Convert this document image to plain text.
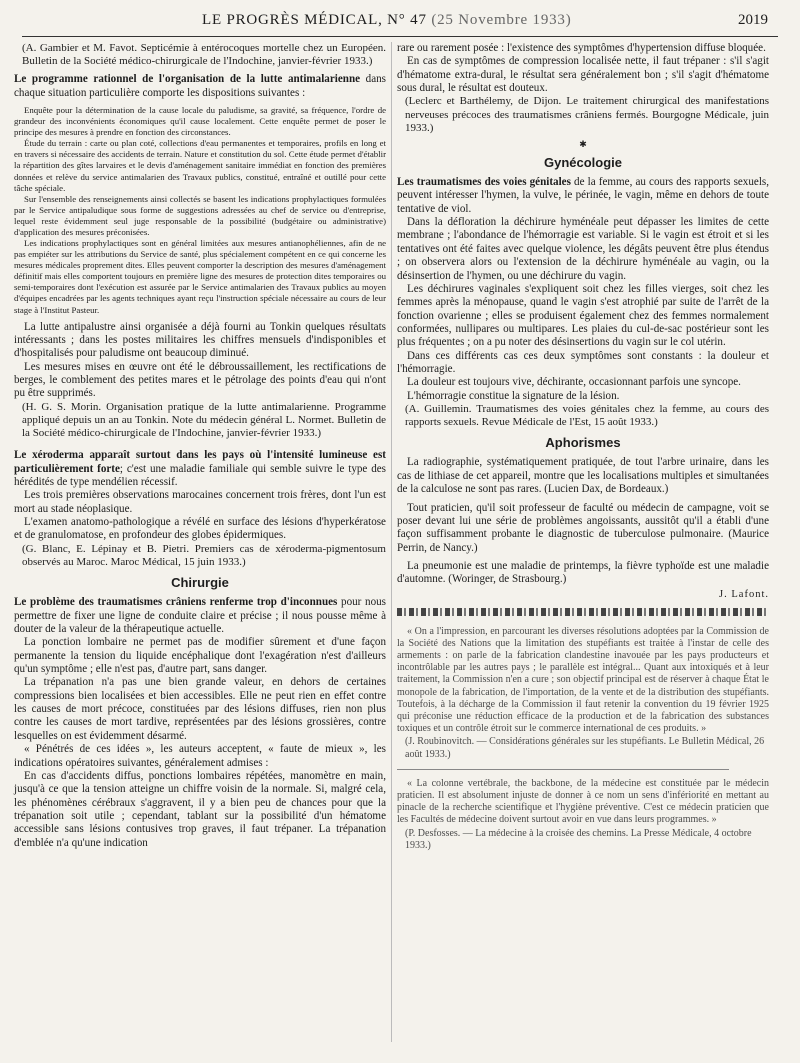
LE PROGRÈS MÉDICAL, N° 47 (25 Novembre 1933)	2019

(A. Gambier et M. Favot. Septicémie à entérocoques mortelle chez un Européen. Bulletin de la Société médico-chirurgicale de l'Indochine, janvier-février 1933.)

Le programme rationnel de l'organisation de la lutte antimalarienne dans chaque situation particulière comporte les dispositions suivantes :

Enquête pour la détermination de la cause locale du paludisme, sa gravité, sa fréquence, l'ordre de grandeur des inconvénients économiques qu'il cause localement. Cette enquête permet de poser le principe des mesures à prendre en fonction des circonstances.

Étude du terrain : carte ou plan coté, collections d'eau permanentes et temporaires, profils en long et en travers si nécessaire des accidents de terrain. Nature et constitution du sol. Cette étude permet d'établir la répartition des gîtes larvaires et le devis d'aménagement sanitaire immédiat en fonction des premières données et relève du service antimalarien des Travaux publics, constitué, entraîné et outillé pour cette tâche spéciale.

Sur l'ensemble des renseignements ainsi collectés se basent les indications prophylactiques formulées par le Service antipaludique sous forme de suggestions adressées au chef de service ou d'entreprise, lequel reste évidemment seul juge responsable de la possibilité (budgétaire ou administrative) d'application des mesures préconisées.

Les indications prophylactiques sont en général limitées aux mesures antianophéliennes, afin de ne pas empiéter sur les attributions du Service de santé, plus spécialement compétent en ce qui concerne les mesures médicales proprement dites. Elles peuvent comporter la description des mesures d'aménagement définitif mais elles comportent toujours en première ligne des mesures de protection dites temporaires ou semi-temporaires dont l'exécution est assurée par le Service antimalarien des Travaux publics au moyen d'équipes encadrées par les agents techniques ayant reçu l'instruction spéciale nécessaire au cours de leur stage à l'Institut Pasteur.

La lutte antipalustre ainsi organisée a déjà fourni au Tonkin quelques résultats intéressants ; dans les postes militaires les chiffres mensuels d'indisponibles et d'hospitalisés pour paludisme ont beaucoup diminué.

Les mesures mises en œuvre ont été le débroussaillement, les rectifications de berges, le comblement des petites mares et le pétrolage des points d'eau qui n'ont pu être supprimés.

(H. G. S. Morin. Organisation pratique de la lutte antimalarienne. Programme appliqué depuis un an au Tonkin. Note du médecin général L. Normet. Bulletin de la Société médico-chirurgicale de l'Indochine, janvier-février 1933.)

Le xéroderma apparaît surtout dans les pays où l'intensité lumineuse est particulièrement forte; c'est une maladie familiale qui semble suivre le type des hérédités de type mendélien récessif.

Les trois premières observations marocaines concernent trois frères, dont l'un est mort au stade néoplasique.

L'examen anatomo-pathologique a révélé en surface des lésions d'hyperkératose et de granulomatose, en profondeur des globes épidermiques.

(G. Blanc, E. Lépinay et B. Pietri. Premiers cas de xéroderma-pigmentosum observés au Maroc. Maroc Médical, 15 juin 1933.)

Chirurgie

Le problème des traumatismes crâniens renferme trop d'inconnues pour nous permettre de fixer une ligne de conduite claire et précise ; il nous pousse même à douter de la valeur de la thérapeutique actuelle.

La ponction lombaire ne permet pas de modifier sûrement et d'une façon permanente la tension du liquide encéphalique dont l'exagération n'est d'ailleurs qu'un symptôme ; elle n'est pas, d'autre part, sans danger.

La trépanation n'a pas une bien grande valeur, en dehors de certaines compressions bien localisées et bien accessibles. Elle ne peut rien en effet contre les causes de mort précoce, constituées par des lésions diffuses, rien non plus contre les causes de mort tardive, représentées par des lésions grossières, contre lesquelles on est évidemment désarmé.

« Pénétrés de ces idées », les auteurs acceptent, « faute de mieux », les indications opératoires suivantes, généralement admises :

En cas d'accidents diffus, ponctions lombaires répétées, manomètre en main, jusqu'à ce que la tension atteigne un chiffre voisin de la normale. Si, malgré cela, les phénomènes cérébraux s'aggravent, il y a bien peu de chances pour que la trépanation soit utile ; cependant, tablant sur la possibilité d'un hématome accessible sans lésions contusives trop graves, il faut trépaner. La trépanation d'emblée n'a qu'une indication

rare ou rarement posée : l'existence des symptômes d'hypertension diffuse bloquée.

En cas de symptômes de compression localisée nette, il faut trépaner : s'il s'agit d'hématome extra-dural, le résultat sera généralement bon ; s'il s'agit d'hématome sous dural, le résultat est douteux.

(Leclerc et Barthélemy, de Dijon. Le traitement chirurgical des manifestations nerveuses précoces des traumatismes crâniens fermés. Bourgogne Médicale, juin 1933.)

✱
Gynécologie

Les traumatismes des voies génitales de la femme, au cours des rapports sexuels, peuvent intéresser l'hymen, la vulve, le périnée, le vagin, même en dehors de toute tentative de viol.

Dans la défloration la déchirure hyménéale peut dépasser les limites de cette membrane ; l'abondance de l'hémorragie est variable. Si le vagin est étroit et si les tentatives ont été faites avec quelque violence, les dégâts peuvent être plus étendus ; on observera alors ou l'extension de la déchirure hyménéale au vagin, ou la désinsertion de l'hymen, ou une déchirure du vagin.

Les déchirures vaginales s'expliquent soit chez les filles vierges, soit chez les femmes après la ménopause, quand le vagin s'est atrophié par suite de l'arrêt de la fonction ovarienne ; elles se produisent également chez des femmes normalement conformées, nullipares ou multipares. Les plaies du cul-de-sac postérieur sont les plus fréquentes ; on a pu noter des désinsertions du vagin sur le col utérin.

Dans ces différents cas ces deux symptômes sont constants : la douleur et l'hémorragie.

La douleur est toujours vive, déchirante, occasionnant parfois une syncope.

L'hémorragie constitue la signature de la lésion.

(A. Guillemin. Traumatismes des voies génitales chez la femme, au cours des rapports sexuels. Revue Médicale de l'Est, 15 août 1933.)

Aphorismes

La radiographie, systématiquement pratiquée, de tout l'arbre urinaire, dans les cas de lithiase de cet appareil, montre que les localisations multiples et simultanées de la calculose ne sont pas rares. (Lucien Dax, de Bordeaux.)

Tout praticien, qu'il soit professeur de faculté ou médecin de campagne, voit se poser devant lui une série de problèmes angoissants, aussitôt qu'il a établi d'une façon suffisamment probante le diagnostic de tuberculose pulmonaire. (Maurice Perrin, de Nancy.)

La pneumonie est une maladie de printemps, la fièvre typhoïde est une maladie d'automne. (Woringer, de Strasbourg.)

J. Lafont.

« On a l'impression, en parcourant les diverses résolutions adoptées par la Commission de la Société des Nations que la limitation des stupéfiants est traitée à l'instar de celle des armements : on parle de la fabrication clandestine inavouée par les pays producteurs et incontrôlable par les autres pays ; le parallèle est intégral... Quant aux intoxiqués et à leur traitement, la Commission n'en a cure ; son objectif principal est de réserver à chaque État le monopole de la fabrication, de l'importation, de la vente et de la distribution des stupéfiants. Toutefois, à la décharge de la Commission il faut retenir la convention du 19 février 1925 qui préconise une réduction efficace de la production et de la fabrication des substances toxiques et un contrôle étroit sur le commerce international de ces produits. »

(J. Roubinovitch. — Considérations générales sur les stupéfiants. Le Bulletin Médical, 26 août 1933.)

« La colonne vertébrale, the backbone, de la médecine est constituée par le médecin praticien. Il est absolument injuste de donner à ce nom un sens d'infériorité en mettant au pinacle de la recherche scientifique et l'hygiène préventive. C'est ce médecin praticien que les Facultés de médecine doivent surtout avoir en vue dans leurs programmes. »

(P. Desfosses. — La médecine à la croisée des chemins. La Presse Médicale, 4 octobre 1933.)
